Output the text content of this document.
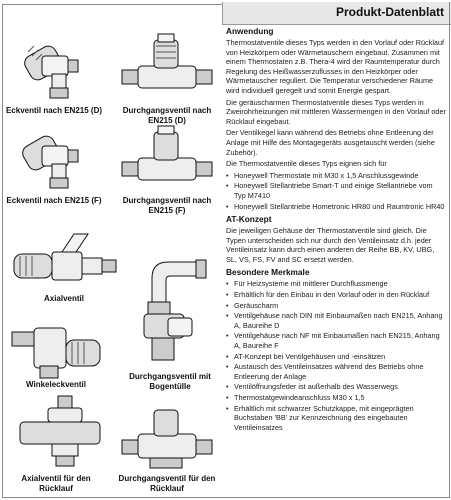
Produkt-Datenblatt
Eckventil nach EN215 (D)	Durchgangsventil nach EN215 (D)
Eckventil nach EN215 (F)	Durchgangsventil nach EN215 (F)
Axialventil
Durchgangsventil mit Bogentülle
Winkeleckventil
Axialventil für den Rücklauf
Durchgangsventil für den Rücklauf
Anwendung

Thermostatventile dieses Typs werden in den Vorlauf oder Rücklauf von Heizkörpern oder Wärmetauschern eingebaut. Zusammen mit einem Thermostaten z.B. Thera-4 wird der Raumtemperatur durch Regelung des Heißwasserzuflusses in den Heizkörper oder Wärmetauscher reguliert. Die Temperatur verschiedener Räume wird individuell geregelt und somit Energie gespart.

Die geräuscharmen Thermostatventile dieses Typs werden in Zweirohrheizungen mit mittleren Wassermengen in den Vorlauf oder Rücklauf eingebaut.

Der Ventilkegel kann während des Betriebs ohne Entleerung der Anlage mit Hilfe des Montagegeräts ausgetauscht werden (siehe Zubehör).

Die Thermostatventile dieses Typs eignen sich für

• Honeywell Thermostate mit M30 x 1,5 Anschlussgewinde
• Honeywell Stellantriebe Smart-T und einige Stellantriebe vom Typ M7410
• Honeywell Stellantriebe Hometronic HR80 und Raumtronic HR40
AT-Konzept

Die jeweiligen Gehäuse der Thermostatventile sind gleich. Die Typen unterscheiden sich nur durch den Ventileinsatz d.h. jeder Ventileinsatz kann durch einen anderen der Reihe BB, KV, UBG, SL, VS, FS, FV and SC ersetzt werden.

Besondere Merkmale
• Für Heizsysteme mit mittlerer Durchflussmenge
• Erhältlich für den Einbau in den Vorlauf oder in den Rücklauf
• Geräuscharm
• Ventilgehäuse nach DIN mit Einbaumaßen nach EN215, Anhang A, Baureihe D
• Ventilgehäuse nach NF mit Einbaumaßen nach EN215, Anhang A, Baureihe F
• AT-Konzept bei Ventilgehäusen und -einsätzen
• Austausch des Ventileinsatzes während des Betriebs ohne Entleerung der Anlage
• Ventilöffnungsfeder ist außerhalb des Wasserwegs
• Thermostatgewindeanschluss M30 x 1,5
• Erhältlich mit schwarzer Schutzkappe, mit eingeprägten Buchstaben 'BB' zur Kennzeichnung des eingebauten Ventileinsatzes
